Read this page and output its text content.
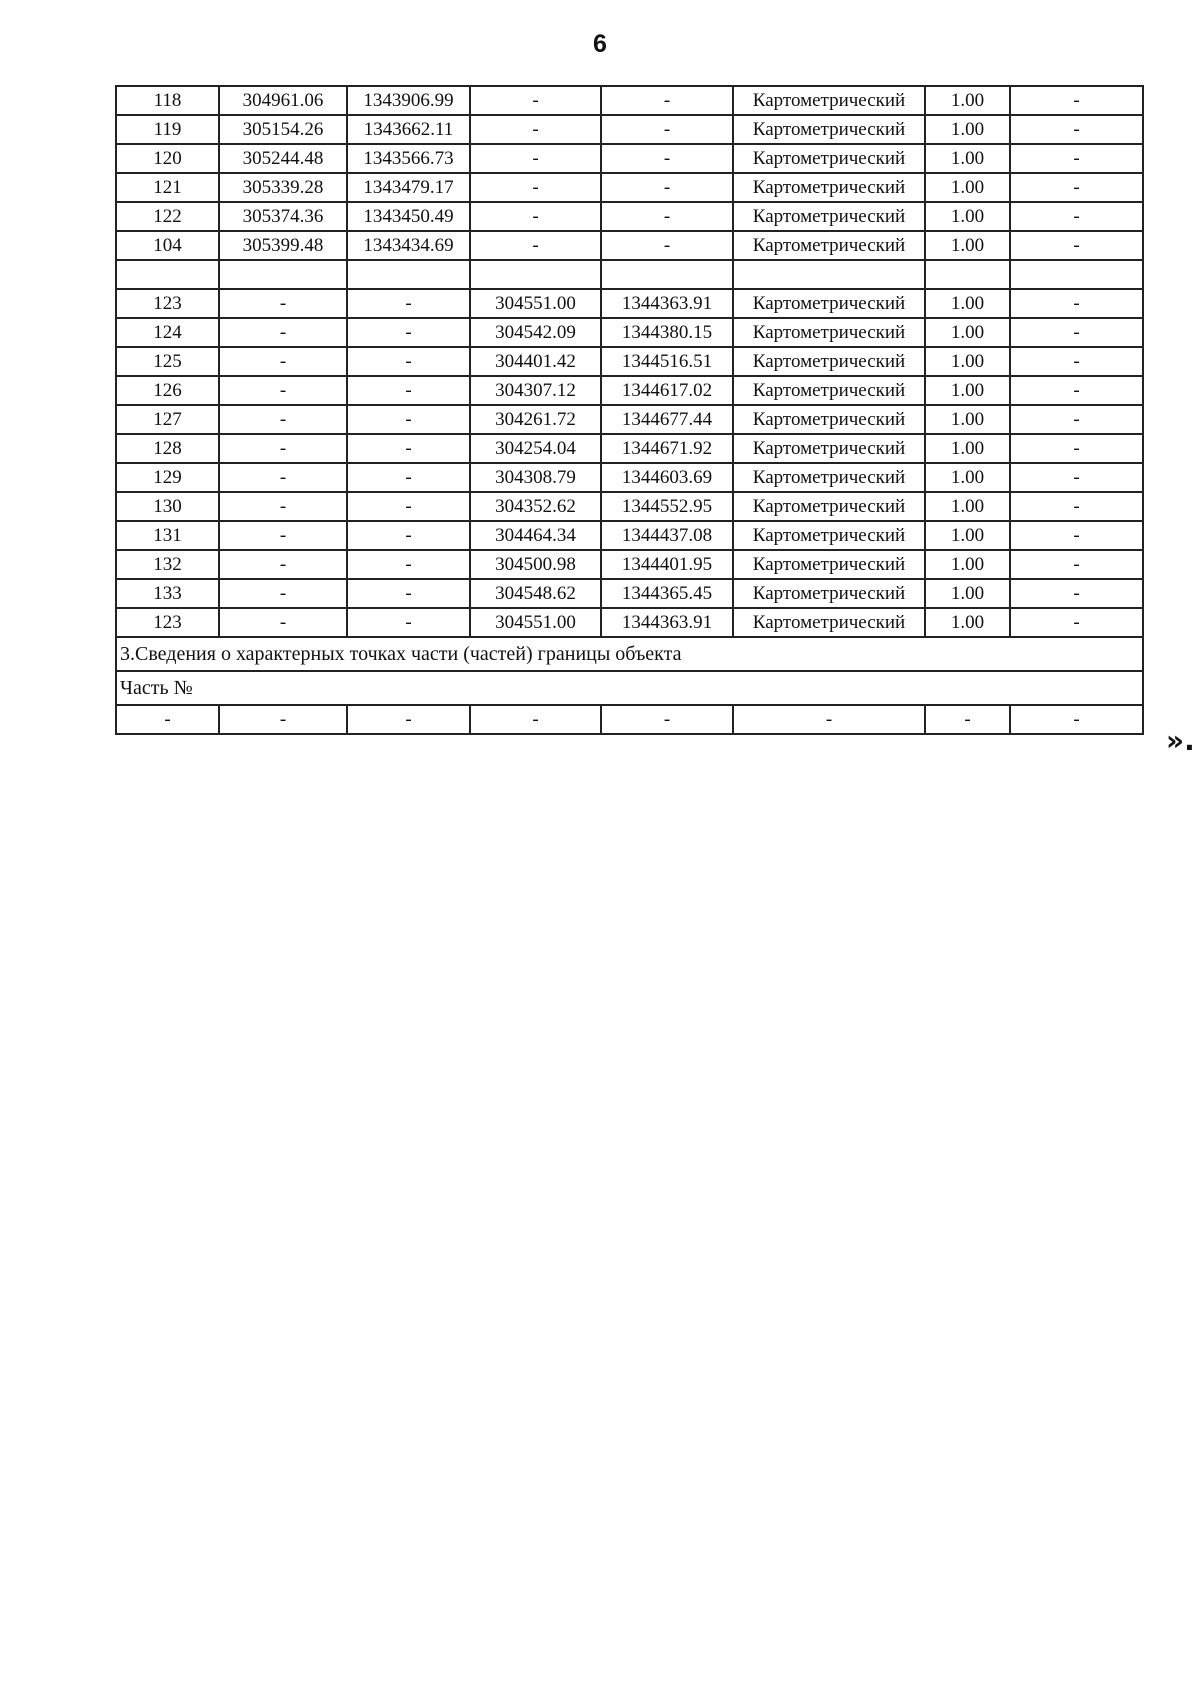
6
118	304961.06	1343906.99	-	-	Картометрический	1.00	-
119	305154.26	1343662.11	-	-	Картометрический	1.00	-
120	305244.48	1343566.73	-	-	Картометрический	1.00	-
121	305339.28	1343479.17	-	-	Картометрический	1.00	-
122	305374.36	1343450.49	-	-	Картометрический	1.00	-
104	305399.48	1343434.69	-	-	Картометрический	1.00	-

123	-	-	304551.00	1344363.91	Картометрический	1.00	-
124	-	-	304542.09	1344380.15	Картометрический	1.00	-
125	-	-	304401.42	1344516.51	Картометрический	1.00	-
126	-	-	304307.12	1344617.02	Картометрический	1.00	-
127	-	-	304261.72	1344677.44	Картометрический	1.00	-
128	-	-	304254.04	1344671.92	Картометрический	1.00	-
129	-	-	304308.79	1344603.69	Картометрический	1.00	-
130	-	-	304352.62	1344552.95	Картометрический	1.00	-
131	-	-	304464.34	1344437.08	Картометрический	1.00	-
132	-	-	304500.98	1344401.95	Картометрический	1.00	-
133	-	-	304548.62	1344365.45	Картометрический	1.00	-
123	-	-	304551.00	1344363.91	Картометрический	1.00	-
3.Сведения о характерных точках части (частей) границы объекта							
Часть №							
-	-	-	-	-	-	-	-
».
